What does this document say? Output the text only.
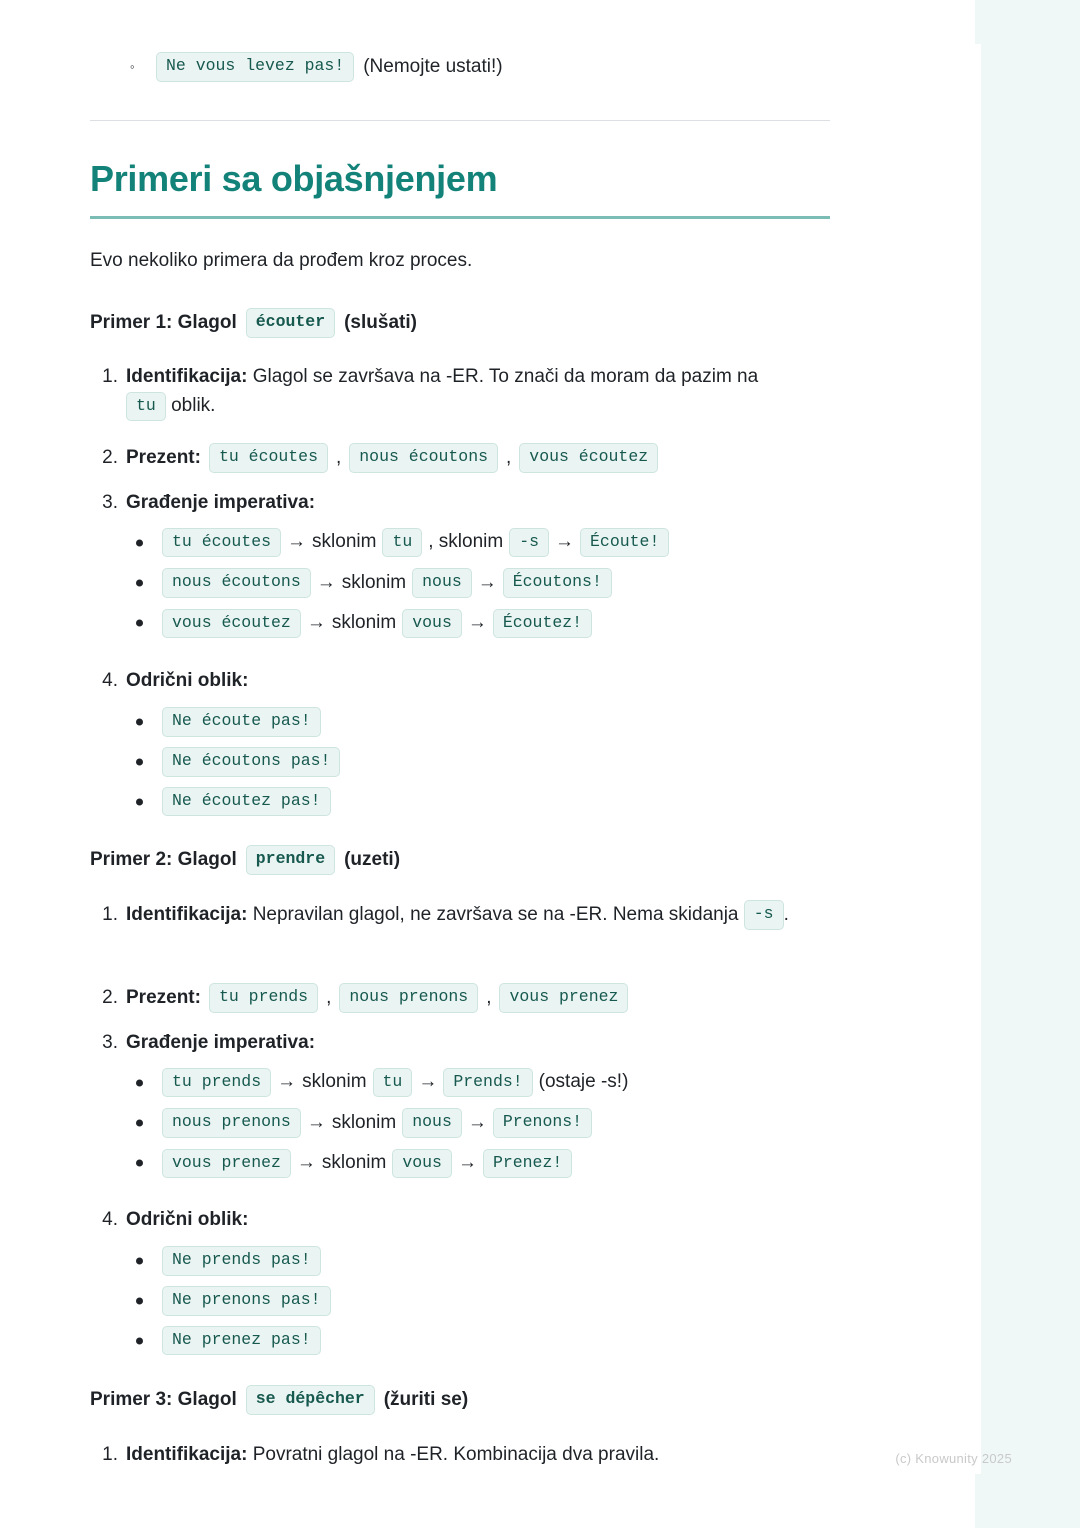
◦	Ne vous levez pas!	(Nemojte ustati!)
Primeri sa objašnjenjem
Evo nekoliko primera da prođem kroz proces.
Primer 1: Glagol	écouter	(slušati)
1. Identifikacija: Glagol se završava na -ER. To znači da moram da pazim na
tu oblik.
2. Prezent:	tu écoutes ,	nous écoutons ,	vous écoutez
3. Građenje imperativa:
tu écoutes → sklonim tu , sklonim -s → Écoute!
nous écoutons → sklonim nous → Écoutons!
vous écoutez → sklonim vous → Écoutez!
4. Odrični oblik:
Ne écoute pas!
Ne écoutons pas!
Ne écoutez pas!
Primer 2: Glagol	prendre	(uzeti)
1. Identifikacija: Nepravilan glagol, ne završava se na -ER. Nema skidanja -s .
2. Prezent:	tu prends ,	nous prenons ,	vous prenez
3. Građenje imperativa:
tu prends → sklonim tu → Prends! (ostaje -s!)
nous prenons → sklonim nous → Prenons!
vous prenez → sklonim vous → Prenez!
4. Odrični oblik:
Ne prends pas!
Ne prenons pas!
Ne prenez pas!
Primer 3: Glagol	se dépêcher	(žuriti se)
1. Identifikacija: Povratni glagol na -ER. Kombinacija dva pravila.	(c) Knowunity 2025
